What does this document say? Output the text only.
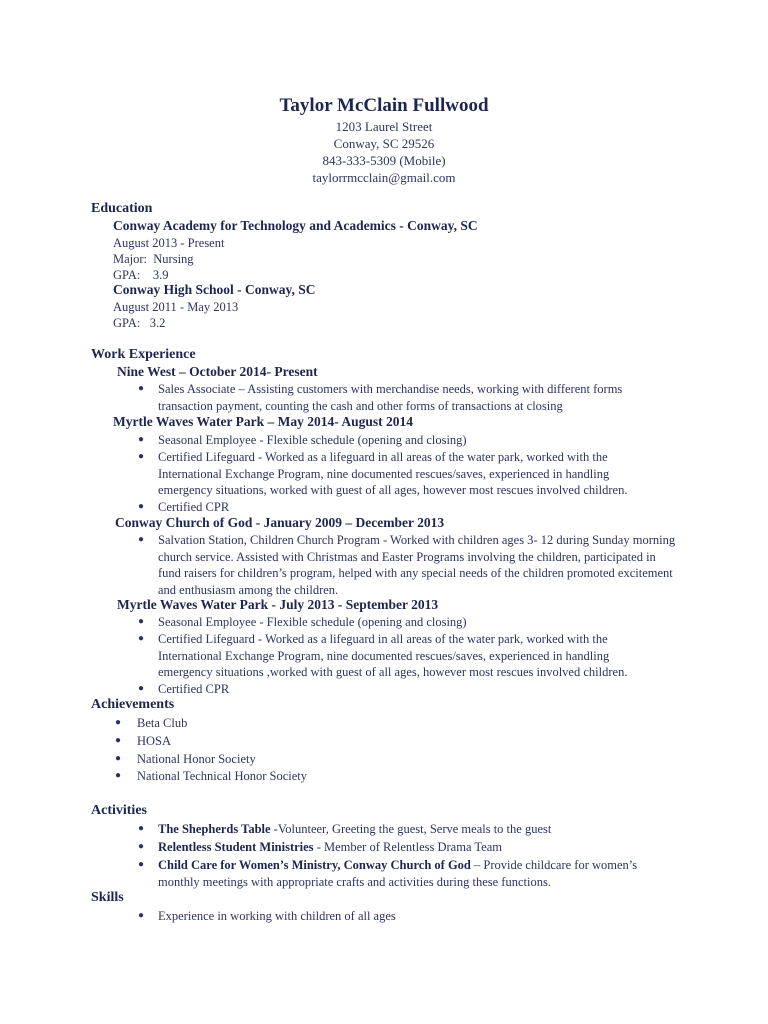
Taylor McClain Fullwood
1203 Laurel Street
Conway, SC 29526
843-333-5309 (Mobile)
taylorrmcclain@gmail.com
Education
Conway Academy for Technology and Academics - Conway, SC
August 2013 - Present
Major:  Nursing
GPA:    3.9
Conway High School - Conway, SC
August 2011 - May 2013
GPA:   3.2
Work Experience
Nine West – October 2014- Present
● Sales Associate – Assisting customers with merchandise needs, working with different forms transaction payment, counting the cash and other forms of transactions at closing
Myrtle Waves Water Park – May 2014- August 2014
● Seasonal Employee - Flexible schedule (opening and closing)
● Certified Lifeguard - Worked as a lifeguard in all areas of the water park, worked with the International Exchange Program, nine documented rescues/saves, experienced in handling emergency situations, worked with guest of all ages, however most rescues involved children.
● Certified CPR
Conway Church of God - January 2009 – December 2013
● Salvation Station, Children Church Program - Worked with children ages 3- 12 during Sunday morning church service. Assisted with Christmas and Easter Programs involving the children, participated in fund raisers for children’s program, helped with any special needs of the children promoted excitement and enthusiasm among the children.
Myrtle Waves Water Park - July 2013 - September 2013
● Seasonal Employee - Flexible schedule (opening and closing)
● Certified Lifeguard - Worked as a lifeguard in all areas of the water park, worked with the International Exchange Program, nine documented rescues/saves, experienced in handling emergency situations ,worked with guest of all ages, however most rescues involved children.
● Certified CPR
Achievements
● Beta Club
● HOSA
● National Honor Society
● National Technical Honor Society
Activities
● The Shepherds Table -Volunteer, Greeting the guest, Serve meals to the guest
● Relentless Student Ministries - Member of Relentless Drama Team
● Child Care for Women’s Ministry, Conway Church of God – Provide childcare for women’s monthly meetings with appropriate crafts and activities during these functions.
Skills
● Experience in working with children of all ages
